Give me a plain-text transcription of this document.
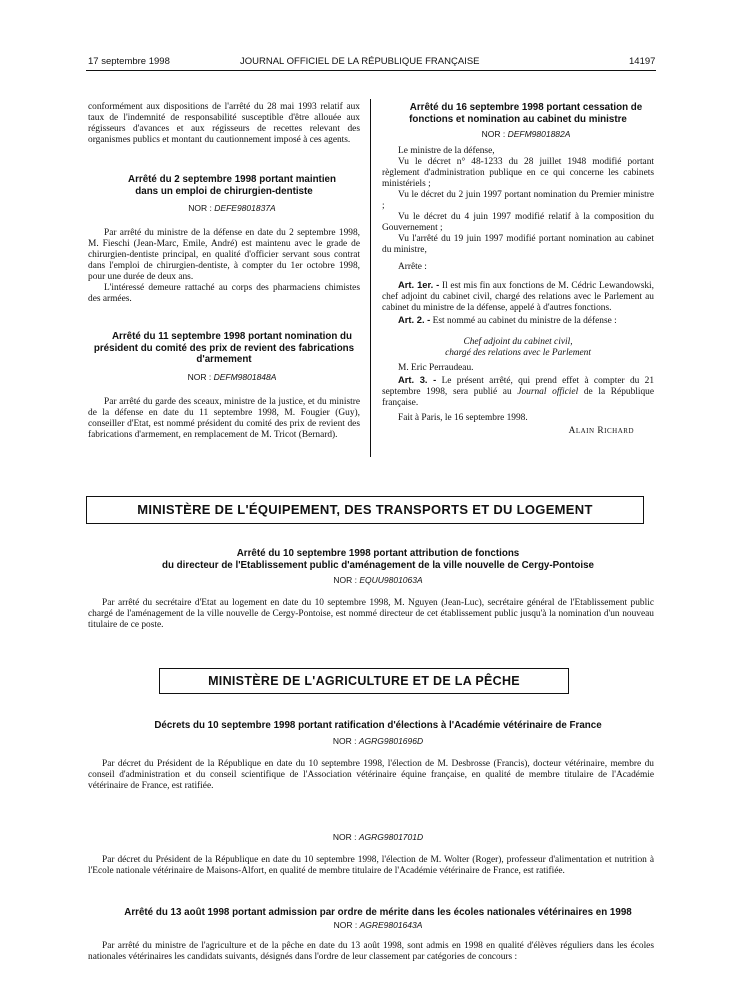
17 septembre 1998	JOURNAL OFFICIEL DE LA RÉPUBLIQUE FRANÇAISE	14197

conformément aux dispositions de l'arrêté du 28 mai 1993 relatif aux taux de l'indemnité de responsabilité susceptible d'être allouée aux régisseurs d'avances et aux régisseurs de recettes relevant des organismes publics et montant du cautionnement imposé à ces agents.

Arrêté du 2 septembre 1998 portant maintien dans un emploi de chirurgien-dentiste

NOR : DEFE9801837A

Par arrêté du ministre de la défense en date du 2 septembre 1998, M. Fieschi (Jean-Marc, Emile, André) est maintenu avec le grade de chirurgien-dentiste principal, en qualité d'officier servant sous contrat dans l'emploi de chirurgien-dentiste, à compter du 1er octobre 1998, pour une durée de deux ans.

L'intéressé demeure rattaché au corps des pharmaciens chimistes des armées.

Arrêté du 11 septembre 1998 portant nomination du président du comité des prix de revient des fabrications d'armement

NOR : DEFM9801848A

Par arrêté du garde des sceaux, ministre de la justice, et du ministre de la défense en date du 11 septembre 1998, M. Fougier (Guy), conseiller d'Etat, est nommé président du comité des prix de revient des fabrications d'armement, en remplacement de M. Tricot (Bernard).

Arrêté du 16 septembre 1998 portant cessation de fonctions et nomination au cabinet du ministre

NOR : DEFM9801882A

Le ministre de la défense,

Vu le décret n° 48-1233 du 28 juillet 1948 modifié portant règlement d'administration publique en ce qui concerne les cabinets ministériels ;

Vu le décret du 2 juin 1997 portant nomination du Premier ministre ;

Vu le décret du 4 juin 1997 modifié relatif à la composition du Gouvernement ;

Vu l'arrêté du 19 juin 1997 modifié portant nomination au cabinet du ministre,

Arrête :

Art. 1er. - Il est mis fin aux fonctions de M. Cédric Lewandowski, chef adjoint du cabinet civil, chargé des relations avec le Parlement au cabinet du ministre de la défense, appelé à d'autres fonctions.

Art. 2. - Est nommé au cabinet du ministre de la défense :

Chef adjoint du cabinet civil,

chargé des relations avec le Parlement

M. Eric Perraudeau.

Art. 3. - Le présent arrêté, qui prend effet à compter du 21 septembre 1998, sera publié au Journal officiel de la République française.

Fait à Paris, le 16 septembre 1998.

Alain Richard

MINISTÈRE DE L'ÉQUIPEMENT, DES TRANSPORTS ET DU LOGEMENT

Arrêté du 10 septembre 1998 portant attribution de fonctions

du directeur de l'Etablissement public d'aménagement de la ville nouvelle de Cergy-Pontoise

NOR : EQUU9801063A

Par arrêté du secrétaire d'Etat au logement en date du 10 septembre 1998, M. Nguyen (Jean-Luc), secrétaire général de l'Etablissement public chargé de l'aménagement de la ville nouvelle de Cergy-Pontoise, est nommé directeur de cet établissement public jusqu'à la nomination d'un nouveau titulaire de ce poste.

MINISTÈRE DE L'AGRICULTURE ET DE LA PÊCHE

Décrets du 10 septembre 1998 portant ratification d'élections à l'Académie vétérinaire de France

NOR : AGRG9801696D

Par décret du Président de la République en date du 10 septembre 1998, l'élection de M. Desbrosse (Francis), docteur vétérinaire, membre du conseil d'administration et du conseil scientifique de l'Association vétérinaire équine française, en qualité de membre titulaire de l'Académie vétérinaire de France, est ratifiée.

NOR : AGRG9801701D

Par décret du Président de la République en date du 10 septembre 1998, l'élection de M. Wolter (Roger), professeur d'alimentation et nutrition à l'Ecole nationale vétérinaire de Maisons-Alfort, en qualité de membre titulaire de l'Académie vétérinaire de France, est ratifiée.

Arrêté du 13 août 1998 portant admission par ordre de mérite dans les écoles nationales vétérinaires en 1998

NOR : AGRE9801643A

Par arrêté du ministre de l'agriculture et de la pêche en date du 13 août 1998, sont admis en 1998 en qualité d'élèves réguliers dans les écoles nationales vétérinaires les candidats suivants, désignés dans l'ordre de leur classement par catégories de concours :
